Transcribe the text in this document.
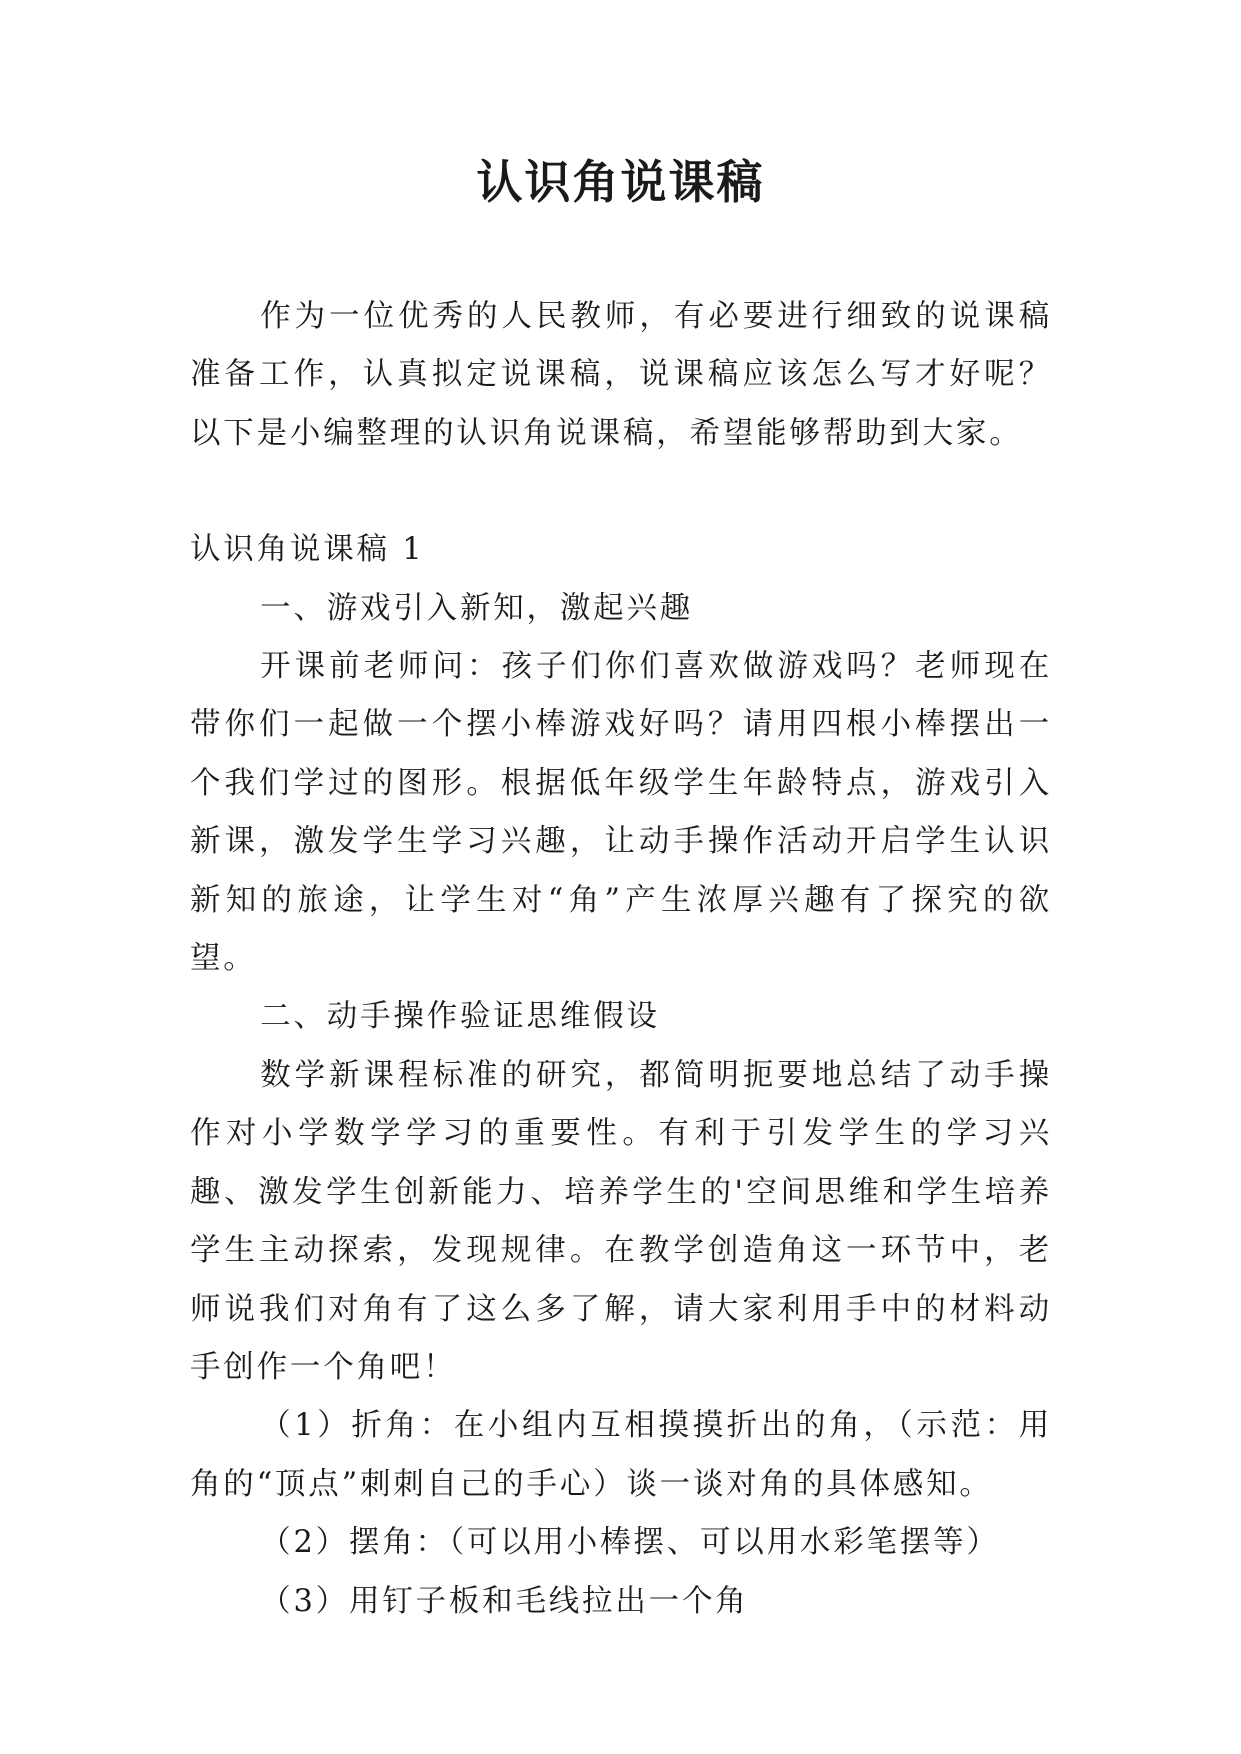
认识角说课稿

作为一位优秀的人民教师，有必要进行细致的说课稿准备工作，认真拟定说课稿，说课稿应该怎么写才好呢？以下是小编整理的认识角说课稿，希望能够帮助到大家。

认识角说课稿 1

一、游戏引入新知，激起兴趣

开课前老师问：孩子们你们喜欢做游戏吗？老师现在带你们一起做一个摆小棒游戏好吗？请用四根小棒摆出一个我们学过的图形。根据低年级学生年龄特点，游戏引入新课，激发学生学习兴趣，让动手操作活动开启学生认识新知的旅途，让学生对“角”产生浓厚兴趣有了探究的欲望。

二、动手操作验证思维假设

数学新课程标准的研究，都简明扼要地总结了动手操作对小学数学学习的重要性。有利于引发学生的学习兴趣、激发学生创新能力、培养学生的'空间思维和学生培养学生主动探索，发现规律。在教学创造角这一环节中，老师说我们对角有了这么多了解，请大家利用手中的材料动手创作一个角吧！

（1）折角：在小组内互相摸摸折出的角，（示范：用角的“顶点”刺刺自己的手心）谈一谈对角的具体感知。

（2）摆角：（可以用小棒摆、可以用水彩笔摆等）

（3）用钉子板和毛线拉出一个角
